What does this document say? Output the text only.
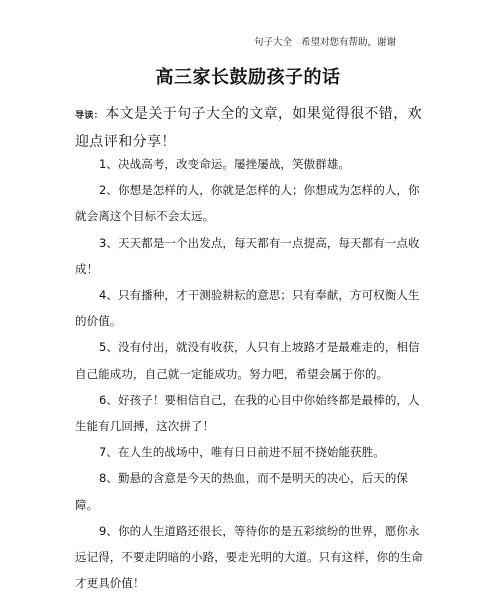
句子大全 希望对您有帮助，谢谢
高三家长鼓励孩子的话
导读： 本文是关于句子大全的文章，如果觉得很不错，欢迎点评和分享！

1、决战高考，改变命运。屡挫屡战，笑傲群雄。

2、你想是怎样的人，你就是怎样的人；你想成为怎样的人，你就会离这个目标不会太远。

3、天天都是一个出发点，每天都有一点提高，每天都有一点收成！

4、只有播种，才干测验耕耘的意思；只有奉献，方可权衡人生的价值。

5、没有付出，就没有收获，人只有上坡路才是最难走的，相信自己能成功，自己就一定能成功。努力吧，希望会属于你的。

6、好孩子！要相信自己，在我的心目中你始终都是最棒的，人生能有几回搏，这次拼了！

7、在人生的战场中，唯有日日前进不屈不挠始能获胜。

8、勤悬的含意是今天的热血，而不是明天的决心，后天的保障。

9、你的人生道路还很长，等待你的是五彩缤纷的世界，愿你永远记得，不要走阴暗的小路，要走光明的大道。只有这样，你的生命才更具价值！
